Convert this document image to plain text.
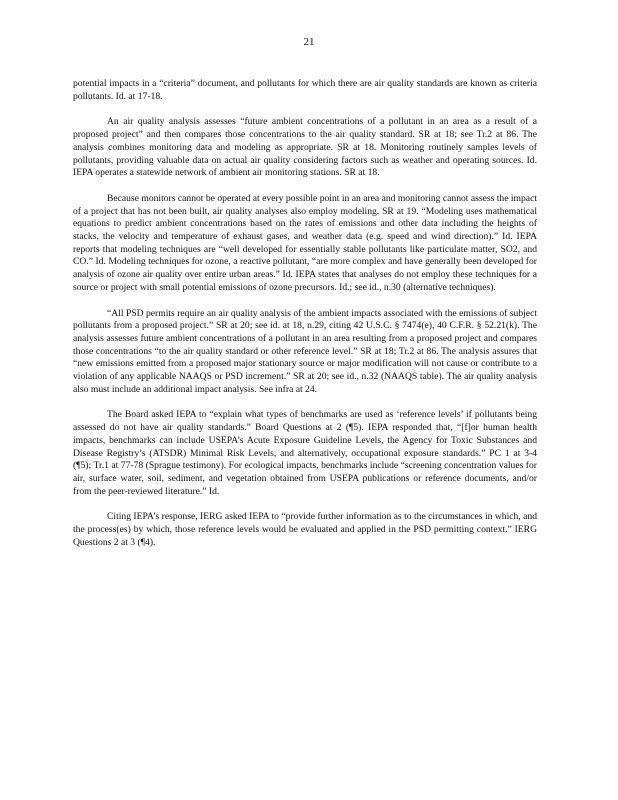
21

potential impacts in a “criteria” document, and pollutants for which there are air quality standards are known as criteria pollutants. Id. at 17-18.

An air quality analysis assesses “future ambient concentrations of a pollutant in an area as a result of a proposed project” and then compares those concentrations to the air quality standard. SR at 18; see Tr.2 at 86. The analysis combines monitoring data and modeling as appropriate. SR at 18. Monitoring routinely samples levels of pollutants, providing valuable data on actual air quality considering factors such as weather and operating sources. Id. IEPA operates a statewide network of ambient air monitoring stations. SR at 18.

Because monitors cannot be operated at every possible point in an area and monitoring cannot assess the impact of a project that has not been built, air quality analyses also employ modeling. SR at 19. “Modeling uses mathematical equations to predict ambient concentrations based on the rates of emissions and other data including the heights of stacks, the velocity and temperature of exhaust gases, and weather data (e.g. speed and wind direction).” Id. IEPA reports that modeling techniques are “well developed for essentially stable pollutants like particulate matter, SO2, and CO.” Id. Modeling techniques for ozone, a reactive pollutant, “are more complex and have generally been developed for analysis of ozone air quality over entire urban areas.” Id. IEPA states that analyses do not employ these techniques for a source or project with small potential emissions of ozone precursors. Id.; see id., n.30 (alternative techniques).

“All PSD permits require an air quality analysis of the ambient impacts associated with the emissions of subject pollutants from a proposed project.” SR at 20; see id. at 18, n.29, citing 42 U.S.C. § 7474(e), 40 C.F.R. § 52.21(k). The analysis assesses future ambient concentrations of a pollutant in an area resulting from a proposed project and compares those concentrations “to the air quality standard or other reference level.” SR at 18; Tr.2 at 86. The analysis assures that “new emissions emitted from a proposed major stationary source or major modification will not cause or contribute to a violation of any applicable NAAQS or PSD increment.” SR at 20; see id., n.32 (NAAQS table). The air quality analysis also must include an additional impact analysis. See infra at 24.

The Board asked IEPA to “explain what types of benchmarks are used as ‘reference levels’ if pollutants being assessed do not have air quality standards.” Board Questions at 2 (¶5). IEPA responded that, “[f]or human health impacts, benchmarks can include USEPA’s Acute Exposure Guideline Levels, the Agency for Toxic Substances and Disease Registry’s (ATSDR) Minimal Risk Levels, and alternatively, occupational exposure standards.” PC 1 at 3-4 (¶5); Tr.1 at 77-78 (Sprague testimony). For ecological impacts, benchmarks include “screening concentration values for air, surface water, soil, sediment, and vegetation obtained from USEPA publications or reference documents, and/or from the peer-reviewed literature.” Id.

Citing IEPA’s response, IERG asked IEPA to “provide further information as to the circumstances in which, and the process(es) by which, those reference levels would be evaluated and applied in the PSD permitting context.” IERG Questions 2 at 3 (¶4).
